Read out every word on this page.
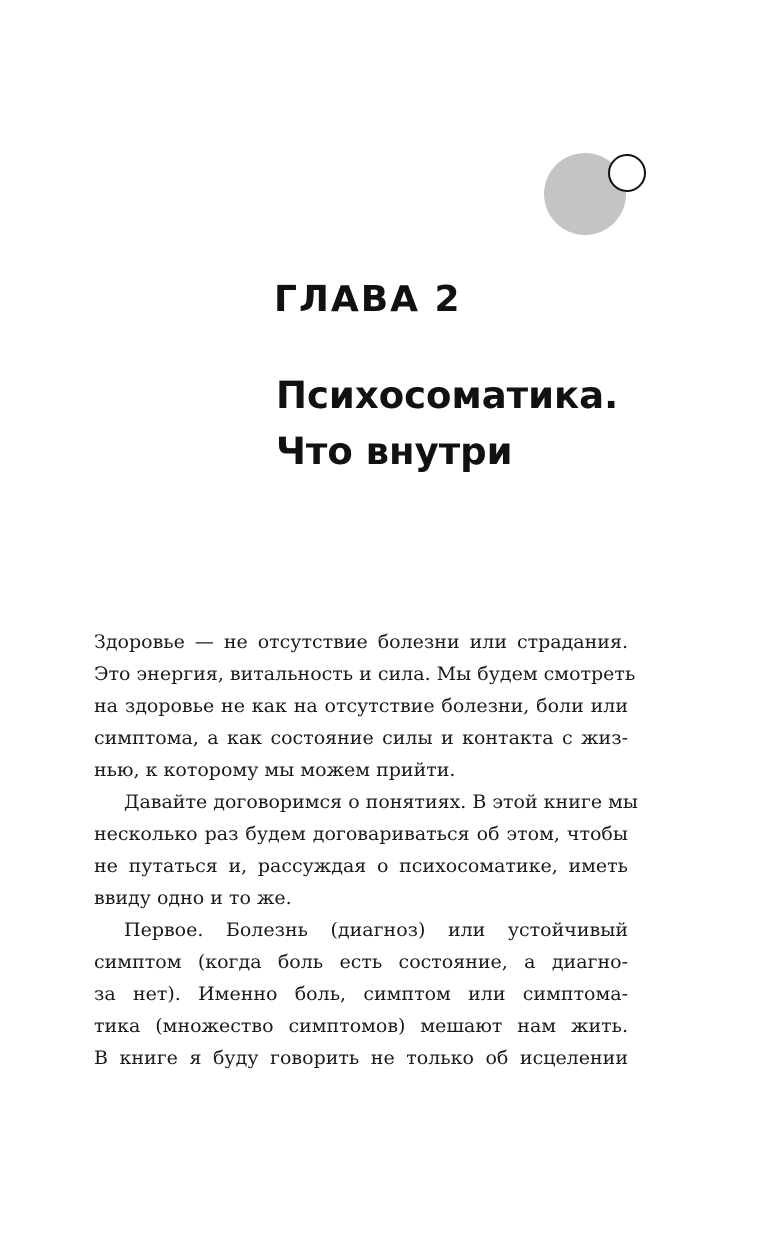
ГЛАВА 2
Психосоматика.
Что внутри
Здоровье — не отсутствие болезни или страдания.
Это энергия, витальность и сила. Мы будем смотреть
на здоровье не как на отсутствие болезни, боли или
симптома, а как состояние силы и контакта с жиз-
нью, к которому мы можем прийти.
Давайте договоримся о понятиях. В этой книге мы
несколько раз будем договариваться об этом, чтобы
не путаться и, рассуждая о психосоматике, иметь
ввиду одно и то же.
Первое. Болезнь (диагноз) или устойчивый
симптом (когда боль есть состояние, а диагно-
за нет). Именно боль, симптом или симптома-
тика (множество симптомов) мешают нам жить.
В книге я буду говорить не только об исцелении
